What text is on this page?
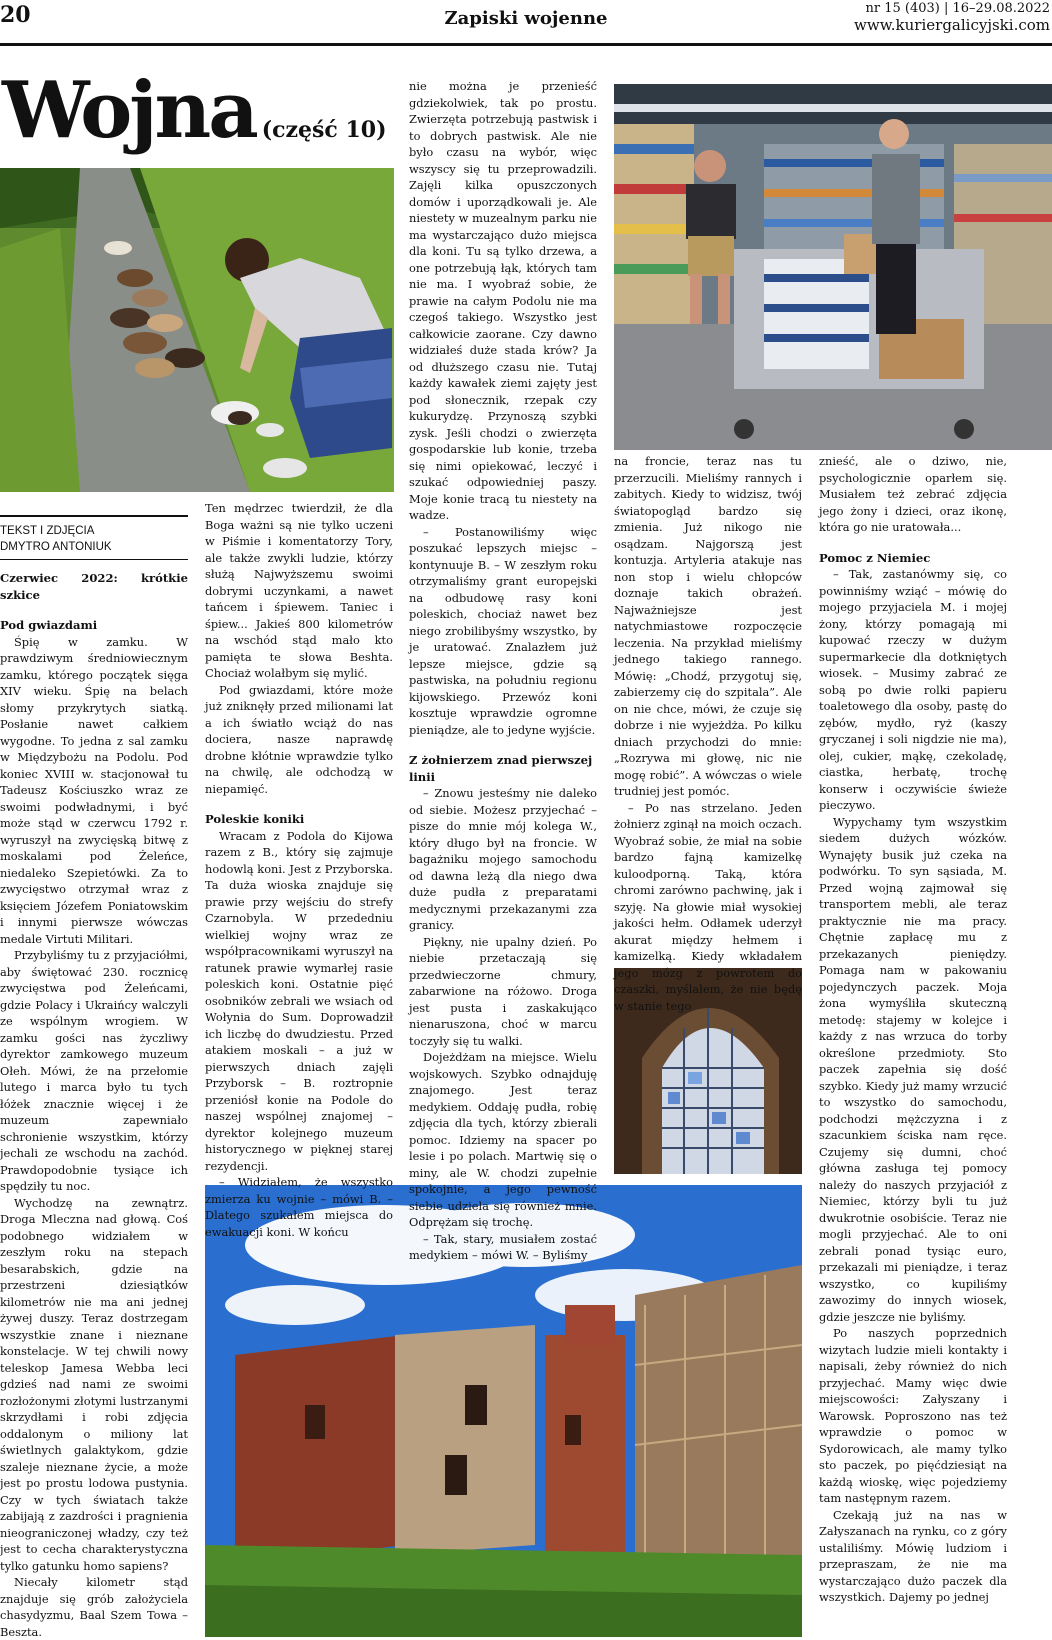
20	Zapiski wojenne	nr 15 (403) | 16–29.08.2022
www.kuriergalicyjski.com
Wojna (część 10)
TEKST I ZDJĘCIA
DMYTRO ANTONIUK
Czerwiec 2022: krótkie szkice
Pod gwiazdami

Śpię w zamku. W prawdziwym średniowiecznym zamku, którego początek sięga XIV wieku. Śpię na belach słomy przykrytych siatką. Posłanie nawet całkiem wygodne. To jedna z sal zamku w Międzybożu na Podolu. Pod koniec XVIII w. stacjonował tu Tadeusz Kościuszko wraz ze swoimi podwładnymi, i być może stąd w czerwcu 1792 r. wyruszył na zwycięską bitwę z moskalami pod Żeleńce, niedaleko Szepietówki. Za to zwycięstwo otrzymał wraz z księciem Józefem Poniatowskim i innymi pierwsze wówczas medale Virtuti Militari.

Przybyliśmy tu z przyjaciółmi, aby świętować 230. rocznicę zwycięstwa pod Żeleńcami, gdzie Polacy i Ukraińcy walczyli ze wspólnym wrogiem. W zamku gości nas życzliwy dyrektor zamkowego muzeum Ołeh. Mówi, że na przełomie lutego i marca było tu tych łóżek znacznie więcej i że muzeum zapewniało schronienie wszystkim, którzy jechali ze wschodu na zachód. Prawdopodobnie tysiące ich spędziły tu noc.

Wychodzę na zewnątrz. Droga Mleczna nad głową. Coś podobnego widziałem w zeszłym roku na stepach besarabskich, gdzie na przestrzeni dziesiątków kilometrów nie ma ani jednej żywej duszy. Teraz dostrzegam wszystkie znane i nieznane konstelacje. W tej chwili nowy teleskop Jamesa Webba leci gdzieś nad nami ze swoimi rozłożonymi złotymi lustrzanymi skrzydłami i robi zdjęcia oddalonym o miliony lat świetlnych galaktykom, gdzie szaleje nieznane życie, a może jest po prostu lodowa pustynia. Czy w tych światach także zabijają z zazdrości i pragnienia nieograniczonej władzy, czy też jest to cecha charakterystyczna tylko gatunku homo sapiens?

Niecały kilometr stąd znajduje się grób założyciela chasydyzmu, Baal Szem Towa – Beszta.

Ten mędrzec twierdził, że dla Boga ważni są nie tylko uczeni w Piśmie i komentatorzy Tory, ale także zwykli ludzie, którzy służą Najwyższemu swoimi dobrymi uczynkami, a nawet tańcem i śpiewem. Taniec i śpiew... Jakieś 800 kilometrów na wschód stąd mało kto pamięta te słowa Beshta. Chociaż wolałbym się mylić.

Pod gwiazdami, które może już zniknęły przed milionami lat a ich światło wciąż do nas dociera, nasze naprawdę drobne kłótnie wprawdzie tylko na chwilę, ale odchodzą w niepamięć.

Poleskie koniki

Wracam z Podola do Kijowa razem z B., który się zajmuje hodowlą koni. Jest z Przyborska. Ta duża wioska znajduje się prawie przy wejściu do strefy Czarnobyla. W przededniu wielkiej wojny wraz ze współpracownikami wyruszył na ratunek prawie wymarłej rasie poleskich koni. Ostatnie pięć osobników zebrali we wsiach od Wołynia do Sum. Doprowadził ich liczbę do dwudziestu. Przed atakiem moskali – a już w pierwszych dniach zajęli Przyborsk – B. roztropnie przeniósł konie na Podole do naszej wspólnej znajomej – dyrektor kolejnego muzeum historycznego w pięknej starej rezydencji.

– Widziałem, że wszystko zmierza ku wojnie – mówi B. – Dlatego szukałem miejsca do ewakuacji koni. W końcu

nie można je przenieść gdziekolwiek, tak po prostu. Zwierzęta potrzebują pastwisk i to dobrych pastwisk. Ale nie było czasu na wybór, więc wszyscy się tu przeprowadzili. Zajęli kilka opuszczonych domów i uporządkowali je. Ale niestety w muzealnym parku nie ma wystarczająco dużo miejsca dla koni. Tu są tylko drzewa, a one potrzebują łąk, których tam nie ma. I wyobraź sobie, że prawie na całym Podolu nie ma czegoś takiego. Wszystko jest całkowicie zaorane. Czy dawno widziałeś duże stada krów? Ja od dłuższego czasu nie. Tutaj każdy kawałek ziemi zajęty jest pod słonecznik, rzepak czy kukurydzę. Przynoszą szybki zysk. Jeśli chodzi o zwierzęta gospodarskie lub konie, trzeba się nimi opiekować, leczyć i szukać odpowiedniej paszy. Moje konie tracą tu niestety na wadze.

– Postanowiliśmy więc poszukać lepszych miejsc – kontynuuje B. – W zeszłym roku otrzymaliśmy grant europejski na odbudowę rasy koni poleskich, chociaż nawet bez niego zrobilibyśmy wszystko, by je uratować. Znalazłem już lepsze miejsce, gdzie są pastwiska, na południu regionu kijowskiego. Przewóz koni kosztuje wprawdzie ogromne pieniądze, ale to jedyne wyjście.

Z żołnierzem znad pierwszej linii

– Znowu jesteśmy nie daleko od siebie. Możesz przyjechać – pisze do mnie mój kolega W., który długo był na froncie. W bagażniku mojego samochodu od dawna leżą dla niego dwa duże pudła z preparatami medycznymi przekazanymi zza granicy.

Piękny, nie upalny dzień. Po niebie przetaczają się przedwieczorne chmury, zabarwione na różowo. Droga jest pusta i zaskakująco nienaruszona, choć w marcu toczyły się tu walki.

Dojeżdżam na miejsce. Wielu wojskowych. Szybko odnajduję znajomego. Jest teraz medykiem. Oddaję pudła, robię zdjęcia dla tych, którzy zbierali pomoc. Idziemy na spacer po lesie i po polach. Martwię się o miny, ale W. chodzi zupełnie spokojnie, a jego pewność siebie udziela się również mnie. Odprężam się trochę.

– Tak, stary, musiałem zostać medykiem – mówi W. – Byliśmy

na froncie, teraz nas tu przerzucili. Mieliśmy rannych i zabitych. Kiedy to widzisz, twój światopogląd bardzo się zmienia. Już nikogo nie osądzam. Najgorszą jest kontuzja. Artyleria atakuje nas non stop i wielu chłopców doznaje takich obrażeń. Najważniejsze jest natychmiastowe rozpoczęcie leczenia. Na przykład mieliśmy jednego takiego rannego. Mówię: „Chodź, przygotuj się, zabierzemy cię do szpitala”. Ale on nie chce, mówi, że czuje się dobrze i nie wyjeżdża. Po kilku dniach przychodzi do mnie: „Rozrywa mi głowę, nic nie mogę robić”. A wówczas o wiele trudniej jest pomóc.

– Po nas strzelano. Jeden żołnierz zginął na moich oczach. Wyobraź sobie, że miał na sobie bardzo fajną kamizelkę kuloodporną. Taką, która chromi zarówno pachwinę, jak i szyję. Na głowie miał wysokiej jakości hełm. Odłamek uderzył akurat między hełmem i kamizelką. Kiedy wkładałem jego mózg z powrotem do czaszki, myślałem, że nie będę w stanie tego

znieść, ale o dziwo, nie, psychologicznie oparłem się. Musiałem też zebrać zdjęcia jego żony i dzieci, oraz ikonę, która go nie uratowała...

Pomoc z Niemiec

– Tak, zastanówmy się, co powinniśmy wziąć – mówię do mojego przyjaciela M. i mojej żony, którzy pomagają mi kupować rzeczy w dużym supermarkecie dla dotkniętych wiosek. – Musimy zabrać ze sobą po dwie rolki papieru toaletowego dla osoby, pastę do zębów, mydło, ryż (kaszy gryczanej i soli nigdzie nie ma), olej, cukier, mąkę, czekoladę, ciastka, herbatę, trochę konserw i oczywiście świeże pieczywo.

Wypychamy tym wszystkim siedem dużych wózków. Wynajęty busik już czeka na podwórku. To syn sąsiada, M. Przed wojną zajmował się transportem mebli, ale teraz praktycznie nie ma pracy. Chętnie zapłacę mu z przekazanych pieniędzy. Pomaga nam w pakowaniu pojedynczych paczek. Moja żona wymyśliła skuteczną metodę: stajemy w kolejce i każdy z nas wrzuca do torby określone przedmioty. Sto paczek zapełnia się dość szybko. Kiedy już mamy wrzucić to wszystko do samochodu, podchodzi mężczyzna i z szacunkiem ściska nam ręce. Czujemy się dumni, choć główna zasługa tej pomocy należy do naszych przyjaciół z Niemiec, którzy byli tu już dwukrotnie osobiście. Teraz nie mogli przyjechać. Ale to oni zebrali ponad tysiąc euro, przekazali mi pieniądze, i teraz wszystko, co kupiliśmy zawozimy do innych wiosek, gdzie jeszcze nie byliśmy.

Po naszych poprzednich wizytach ludzie mieli kontakty i napisali, żeby również do nich przyjechać. Mamy więc dwie miejscowości: Załyszany i Warowsk. Poproszono nas też wprawdzie o pomoc w Sydorowicach, ale mamy tylko sto paczek, po pięćdziesiąt na każdą wioskę, więc pojedziemy tam następnym razem.

Czekają już na nas w Załyszanach na rynku, co z góry ustaliliśmy. Mówię ludziom i przepraszam, że nie ma wystarczająco dużo paczek dla wszystkich. Dajemy po jednej
